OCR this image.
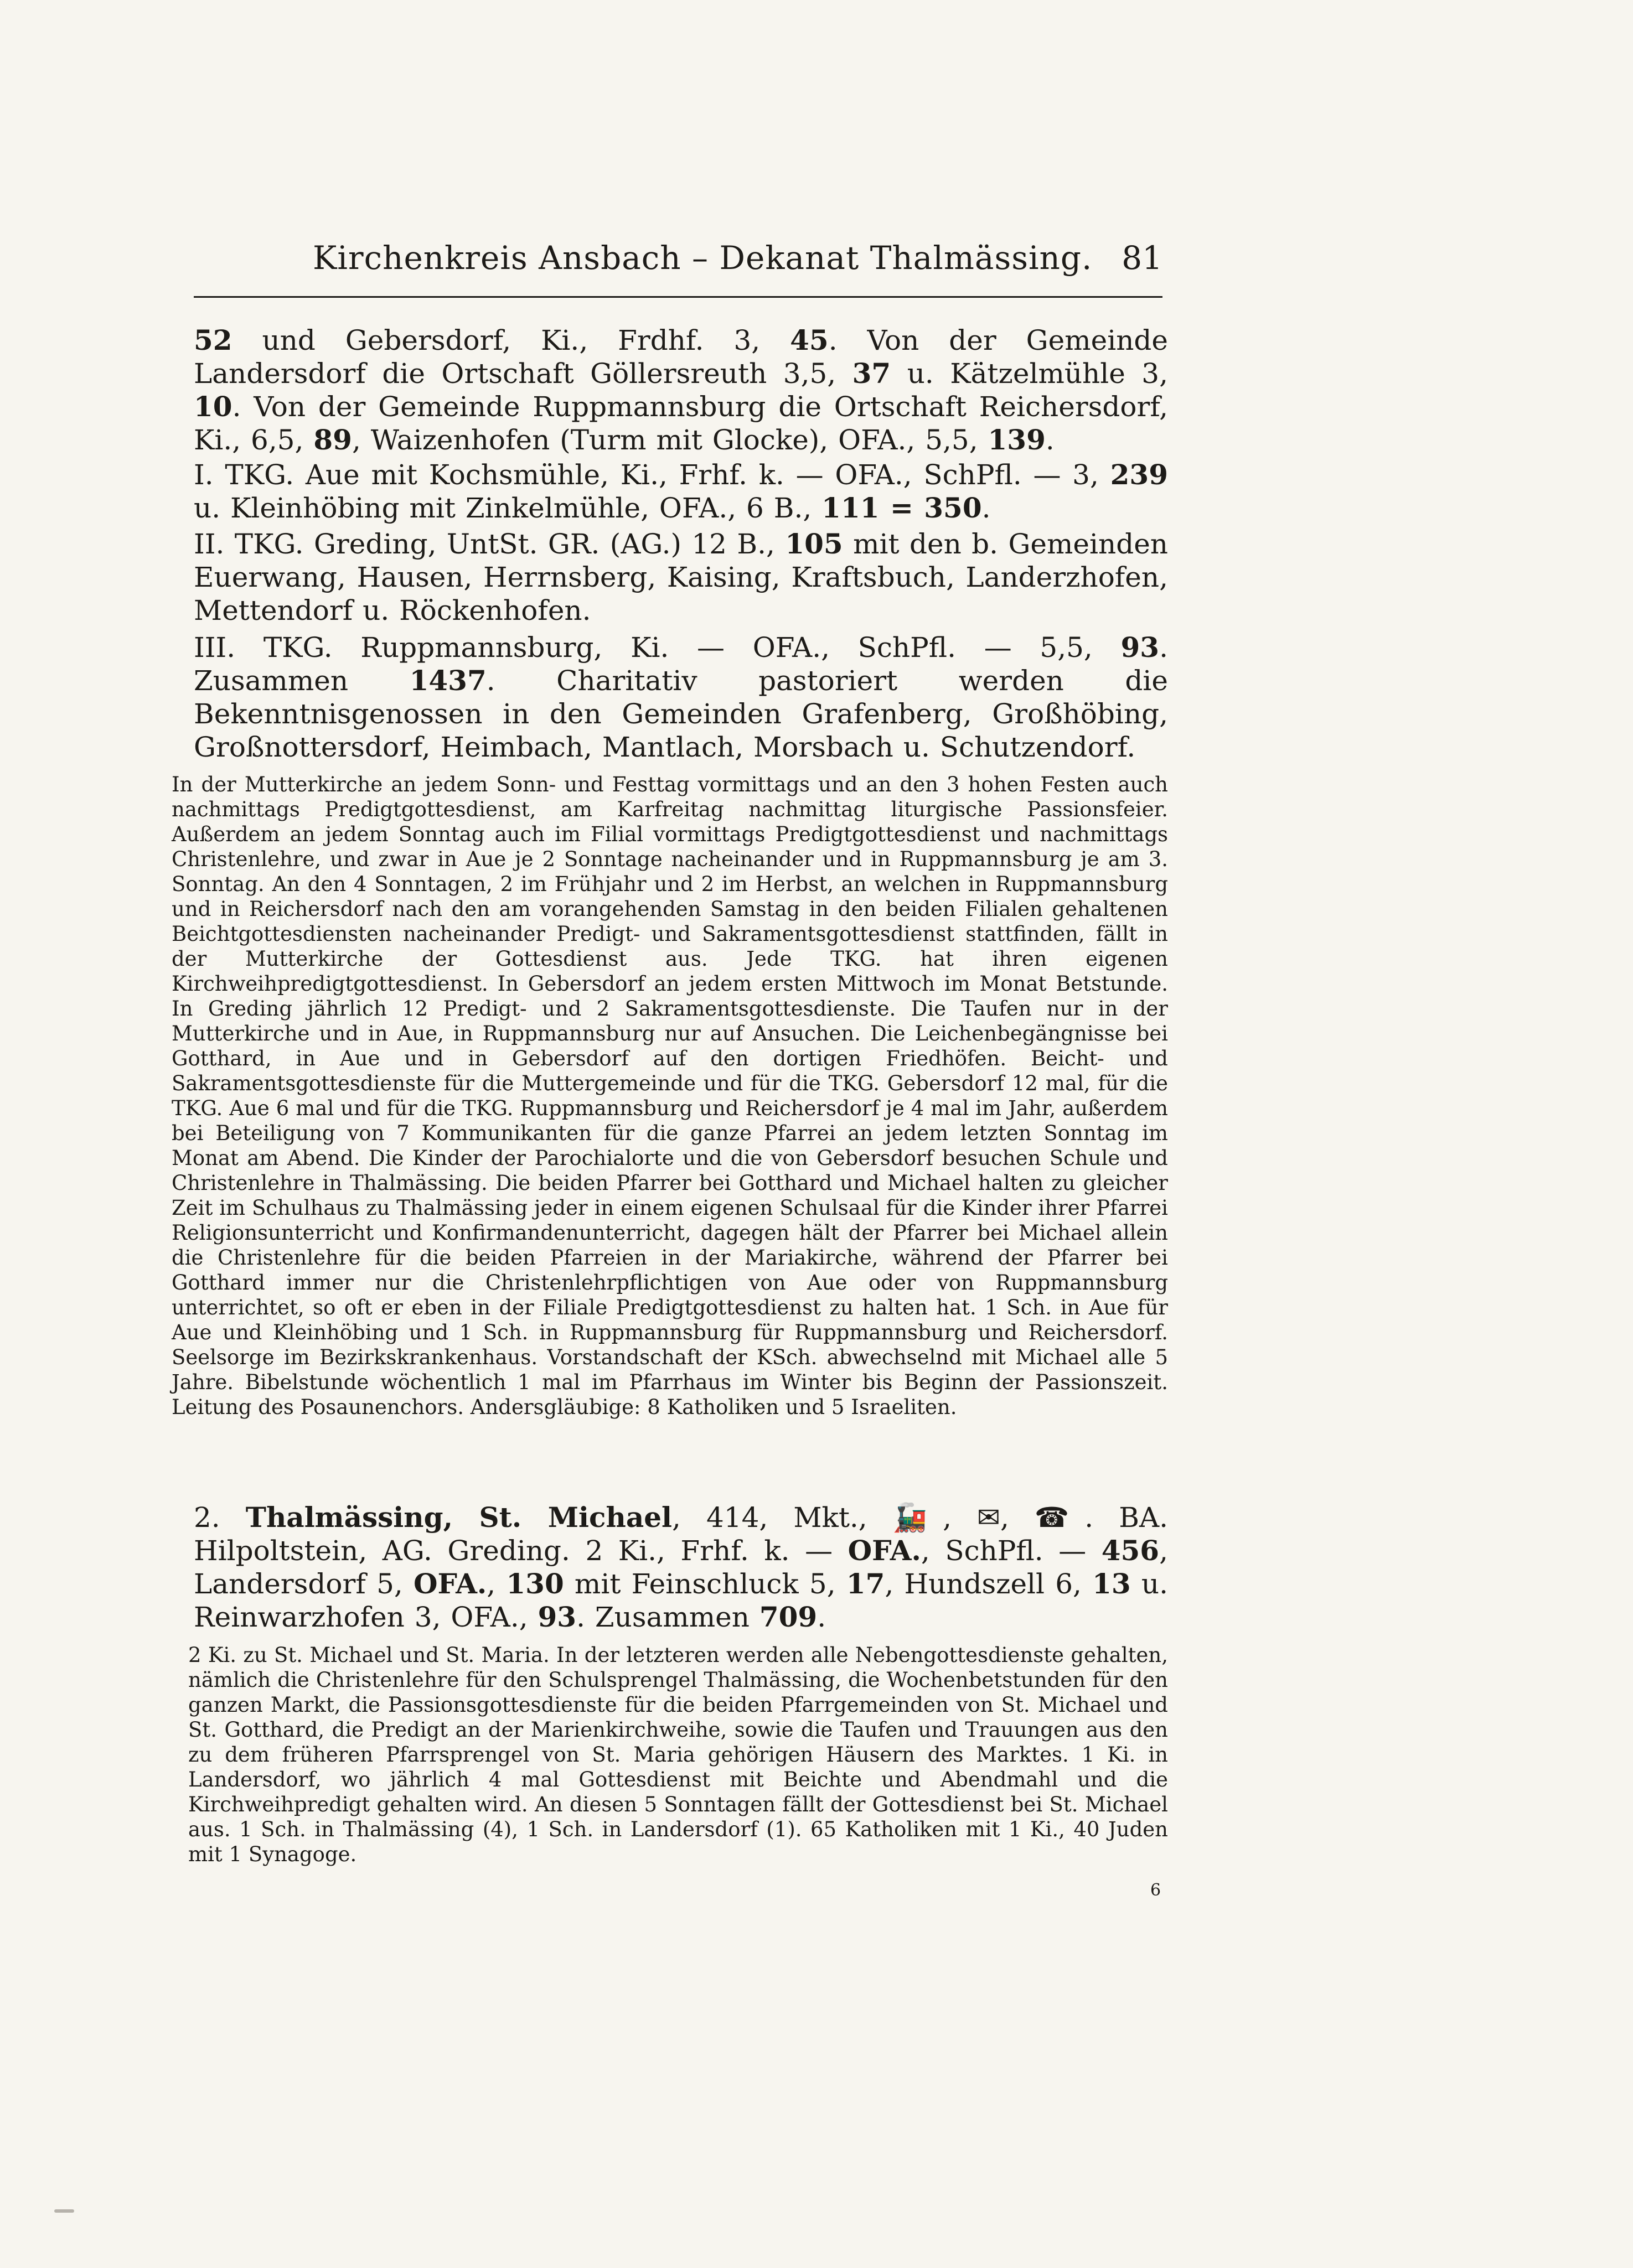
Kirchenkreis Ansbach – Dekanat Thalmässing. 81
52 und Gebersdorf, Ki., Frdhf. 3, 45. Von der Gemeinde Landersdorf die Ortschaft Göllersreuth 3,5, 37 u. Kätzelmühle 3, 10. Von der Gemeinde Ruppmannsburg die Ortschaft Reichersdorf, Ki., 6,5, 89, Waizenhofen (Turm mit Glocke), OFA., 5,5, 139.
I. TKG. Aue mit Kochsmühle, Ki., Frhf. k. — OFA., SchPfl. — 3, 239 u. Kleinhöbing mit Zinkelmühle, OFA., 6 B., 111 = 350.
II. TKG. Greding, UntSt. GR. (AG.) 12 B., 105 mit den b. Gemeinden Euerwang, Hausen, Herrnsberg, Kaising, Kraftsbuch, Landerzhofen, Mettendorf u. Röckenhofen.
III. TKG. Ruppmannsburg, Ki. — OFA., SchPfl. — 5,5, 93. Zusammen 1437. Charitativ pastoriert werden die Bekenntnisgenossen in den Gemeinden Grafenberg, Großhöbing, Großnottersdorf, Heimbach, Mantlach, Morsbach u. Schutzendorf.
In der Mutterkirche an jedem Sonn- und Festtag vormittags und an den 3 hohen Festen auch nachmittags Predigtgottesdienst, am Karfreitag nachmittag liturgische Passionsfeier. Außerdem an jedem Sonntag auch im Filial vormittags Predigtgottesdienst und nachmittags Christenlehre, und zwar in Aue je 2 Sonntage nacheinander und in Ruppmannsburg je am 3. Sonntag. An den 4 Sonntagen, 2 im Frühjahr und 2 im Herbst, an welchen in Ruppmannsburg und in Reichersdorf nach den am vorangehenden Samstag in den beiden Filialen gehaltenen Beichtgottesdiensten nacheinander Predigt- und Sakramentsgottesdienst stattfinden, fällt in der Mutterkirche der Gottesdienst aus. Jede TKG. hat ihren eigenen Kirchweihpredigtgottesdienst. In Gebersdorf an jedem ersten Mittwoch im Monat Betstunde. In Greding jährlich 12 Predigt- und 2 Sakramentsgottesdienste. Die Taufen nur in der Mutterkirche und in Aue, in Ruppmannsburg nur auf Ansuchen. Die Leichenbegängnisse bei Gotthard, in Aue und in Gebersdorf auf den dortigen Friedhöfen. Beicht- und Sakramentsgottesdienste für die Muttergemeinde und für die TKG. Gebersdorf 12 mal, für die TKG. Aue 6 mal und für die TKG. Ruppmannsburg und Reichersdorf je 4 mal im Jahr, außerdem bei Beteiligung von 7 Kommunikanten für die ganze Pfarrei an jedem letzten Sonntag im Monat am Abend. Die Kinder der Parochialorte und die von Gebersdorf besuchen Schule und Christenlehre in Thalmässing. Die beiden Pfarrer bei Gotthard und Michael halten zu gleicher Zeit im Schulhaus zu Thalmässing jeder in einem eigenen Schulsaal für die Kinder ihrer Pfarrei Religionsunterricht und Konfirmandenunterricht, dagegen hält der Pfarrer bei Michael allein die Christenlehre für die beiden Pfarreien in der Mariakirche, während der Pfarrer bei Gotthard immer nur die Christenlehrpflichtigen von Aue oder von Ruppmannsburg unterrichtet, so oft er eben in der Filiale Predigtgottesdienst zu halten hat. 1 Sch. in Aue für Aue und Kleinhöbing und 1 Sch. in Ruppmannsburg für Ruppmannsburg und Reichersdorf. Seelsorge im Bezirkskrankenhaus. Vorstandschaft der KSch. abwechselnd mit Michael alle 5 Jahre. Bibelstunde wöchentlich 1 mal im Pfarrhaus im Winter bis Beginn der Passionszeit. Leitung des Posaunenchors. Andersgläubige: 8 Katholiken und 5 Israeliten.
2. Thalmässing, St. Michael, 414, Mkt., 🚂, ✉, ☎. BA. Hilpoltstein, AG. Greding. 2 Ki., Frhf. k. — OFA., SchPfl. — 456, Landersdorf 5, OFA., 130 mit Feinschluck 5, 17, Hundszell 6, 13 u. Reinwarzhofen 3, OFA., 93. Zusammen 709.
2 Ki. zu St. Michael und St. Maria. In der letzteren werden alle Nebengottesdienste gehalten, nämlich die Christenlehre für den Schulsprengel Thalmässing, die Wochenbetstunden für den ganzen Markt, die Passionsgottesdienste für die beiden Pfarrgemeinden von St. Michael und St. Gotthard, die Predigt an der Marienkirchweihe, sowie die Taufen und Trauungen aus den zu dem früheren Pfarrsprengel von St. Maria gehörigen Häusern des Marktes. 1 Ki. in Landersdorf, wo jährlich 4 mal Gottesdienst mit Beichte und Abendmahl und die Kirchweihpredigt gehalten wird. An diesen 5 Sonntagen fällt der Gottesdienst bei St. Michael aus. 1 Sch. in Thalmässing (4), 1 Sch. in Landersdorf (1). 65 Katholiken mit 1 Ki., 40 Juden mit 1 Synagoge.
6
